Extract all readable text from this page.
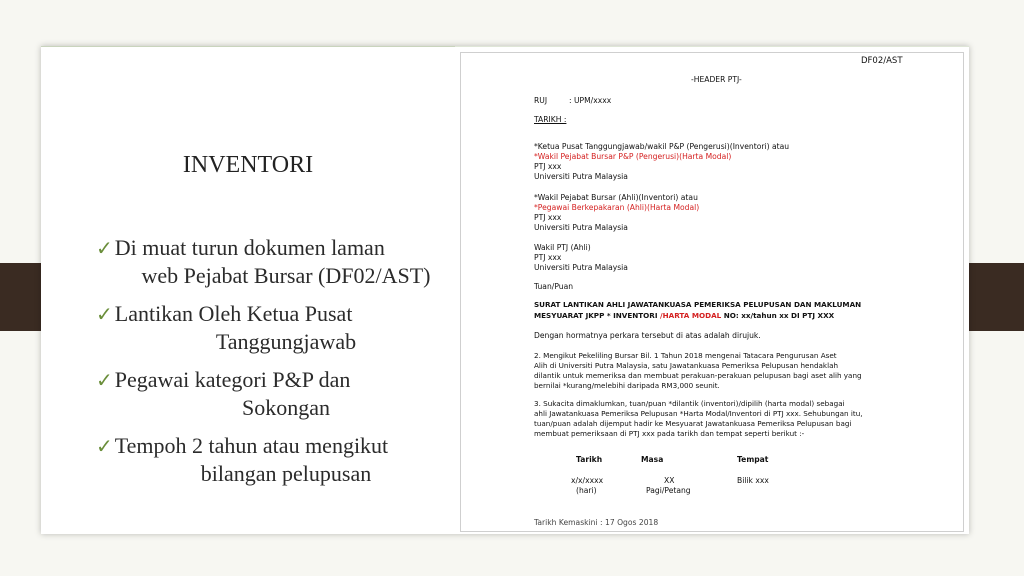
INVENTORI
✓Di muat turun dokumen laman
web Pejabat Bursar (DF02/AST)
✓Lantikan Oleh Ketua Pusat
Tanggungjawab
✓Pegawai kategori P&P dan
Sokongan
✓Tempoh 2 tahun atau mengikut
bilangan pelupusan
DF02/AST
-HEADER PTJ-
RUJ	: UPM/xxxx
TARIKH :
*Ketua Pusat Tanggungjawab/wakil P&P (Pengerusi)(Inventori) atau
*Wakil Pejabat Bursar P&P (Pengerusi)(Harta Modal)
PTJ xxx
Universiti Putra Malaysia
*Wakil Pejabat Bursar (Ahli)(Inventori) atau
*Pegawai Berkepakaran (Ahli)(Harta Modal)
PTJ xxx
Universiti Putra Malaysia
Wakil PTJ (Ahli)
PTJ xxx
Universiti Putra Malaysia
Tuan/Puan
SURAT LANTIKAN AHLI JAWATANKUASA PEMERIKSA PELUPUSAN DAN MAKLUMAN
MESYUARAT JKPP * INVENTORI /HARTA MODAL NO: xx/tahun xx DI PTJ XXX
Dengan hormatnya perkara tersebut di atas adalah dirujuk.
2. Mengikut Pekeliling Bursar Bil. 1 Tahun 2018 mengenai Tatacara Pengurusan Aset
Alih di Universiti Putra Malaysia, satu Jawatankuasa Pemeriksa Pelupusan hendaklah
dilantik untuk memeriksa dan membuat perakuan-perakuan pelupusan bagi aset alih yang
bernilai *kurang/melebihi daripada RM3,000 seunit.
3. Sukacita dimaklumkan, tuan/puan *dilantik (inventori)/dipilih (harta modal) sebagai
ahli Jawatankuasa Pemeriksa Pelupusan *Harta Modal/Inventori di PTJ xxx. Sehubungan itu,
tuan/puan adalah dijemput hadir ke Mesyuarat Jawatankuasa Pemeriksa Pelupusan bagi
membuat pemeriksaan di PTJ xxx pada tarikh dan tempat seperti berikut :-
Tarikh	Masa	Tempat
x/x/xxxx	XX	Bilik xxx
(hari)	Pagi/Petang
Tarikh Kemaskini : 17 Ogos 2018
